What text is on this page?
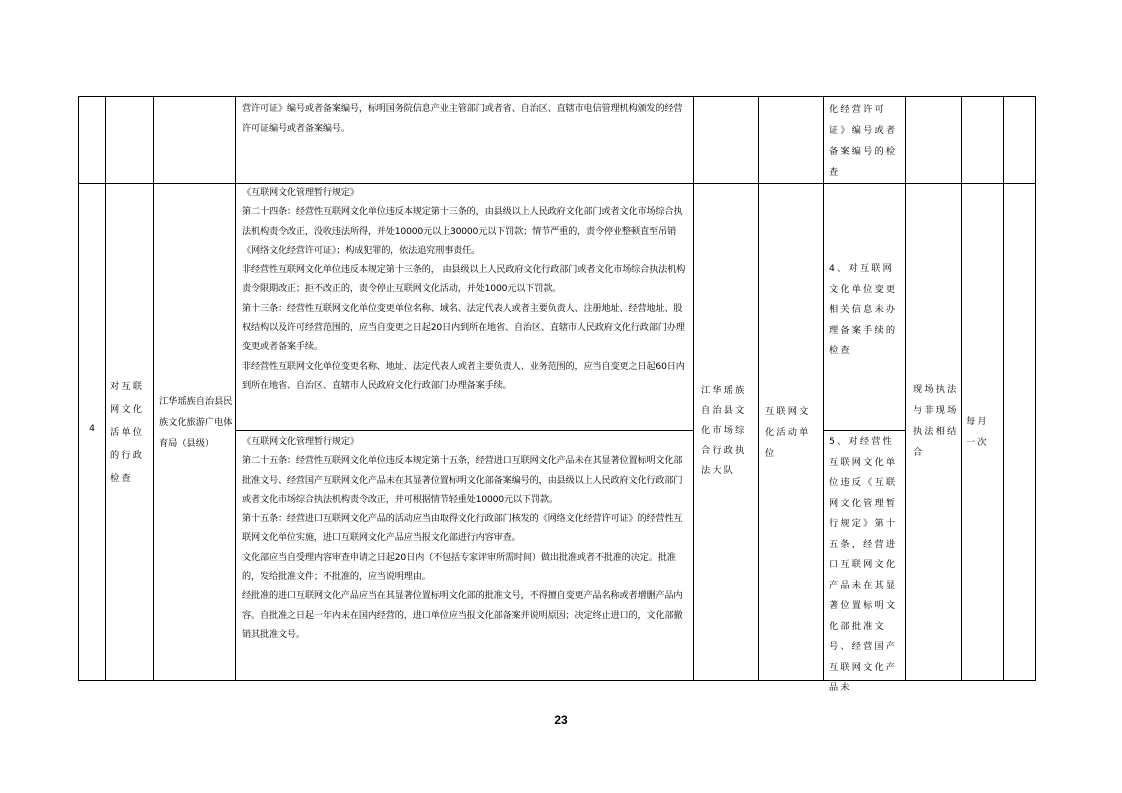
营许可证》编号或者备案编号，标明国务院信息产业主管部门或者省、自治区、直辖市电信管理机构颁发的经营许可证编号或者备案编号。
化经营许可证》编号或者备案编号的检查
4
对互联网文化活单位的行政检查
江华瑶族自治县民族文化旅游广电体育局（县级）
《互联网文化管理暂行规定》
第二十四条：经营性互联网文化单位违反本规定第十三条的，由县级以上人民政府文化部门或者文化市场综合执法机构责令改正，没收违法所得，并处10000元以上30000元以下罚款；情节严重的，责令停业整顿直至吊销《网络文化经营许可证》；构成犯罪的，依法追究刑事责任。
非经营性互联网文化单位违反本规定第十三条的， 由县级以上人民政府文化行政部门或者文化市场综合执法机构责令限期改正；拒不改正的，责令停止互联网文化活动，并处1000元以下罚款。
第十三条：经营性互联网文化单位变更单位名称、域名、法定代表人或者主要负责人、注册地址、经营地址、股权结构以及许可经营范围的，应当自变更之日起20日内到所在地省、自治区、直辖市人民政府文化行政部门办理变更或者备案手续。
非经营性互联网文化单位变更名称、地址、法定代表人或者主要负责人、业务范围的，应当自变更之日起60日内到所在地省、自治区、直辖市人民政府文化行政部门办理备案手续。
《互联网文化管理暂行规定》
第二十五条：经营性互联网文化单位违反本规定第十五条，经营进口互联网文化产品未在其显著位置标明文化部批准文号、经营国产互联网文化产品未在其显著位置标明文化部备案编号的，由县级以上人民政府文化行政部门或者文化市场综合执法机构责令改正，并可根据情节轻重处10000元以下罚款。
第十五条：经营进口互联网文化产品的活动应当由取得文化行政部门核发的《网络文化经营许可证》的经营性互联网文化单位实施，进口互联网文化产品应当报文化部进行内容审查。
文化部应当自受理内容审查申请之日起20日内（不包括专家评审所需时间）做出批准或者不批准的决定。批准的，发给批准文件；不批准的，应当说明理由。
经批准的进口互联网文化产品应当在其显著位置标明文化部的批准文号，不得擅自变更产品名称或者增删产品内容。自批准之日起一年内未在国内经营的，进口单位应当报文化部备案并说明原因；决定终止进口的，文化部撤销其批准文号。
江华瑶族自治县文化市场综合行政执法大队
互联网文化活动单位
4、对互联网文化单位变更相关信息未办理备案手续的检查
5、对经营性互联网文化单位违反《互联网文化管理暂行规定》第十五条，经营进口互联网文化产品未在其显著位置标明文化部批准文号、经营国产互联网文化产品未
现场执法与非现场执法相结合
每月一次
23
